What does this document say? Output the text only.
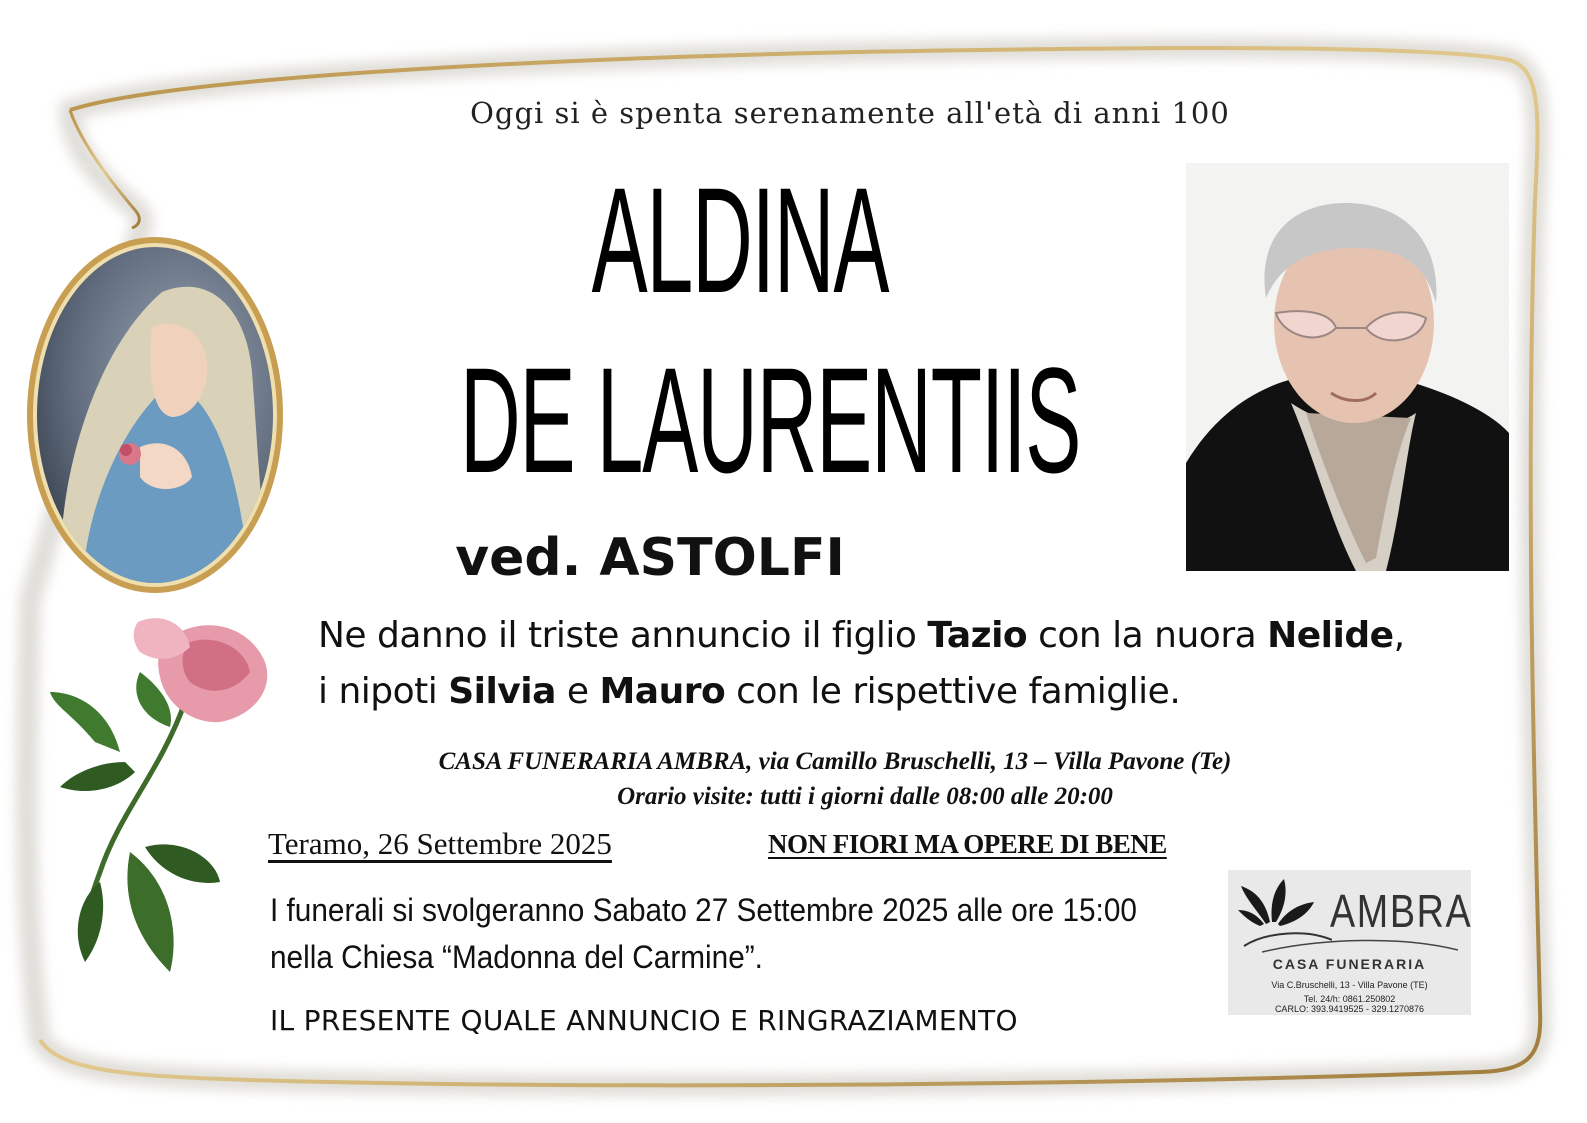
Oggi si è spenta serenamente all'età di anni 100
ALDINA
DE LAURENTIIS
ved. ASTOLFI
Ne danno il triste annuncio il figlio Tazio con la nuora Nelide,
i nipoti Silvia e Mauro con le rispettive famiglie.
CASA FUNERARIA AMBRA, via Camillo Bruschelli, 13 – Villa Pavone (Te)
Orario visite: tutti i giorni dalle 08:00 alle 20:00
Teramo, 26 Settembre 2025	NON FIORI MA OPERE DI BENE
I funerali si svolgeranno Sabato 27 Settembre 2025 alle ore 15:00
nella Chiesa “Madonna del Carmine”.
IL PRESENTE QUALE ANNUNCIO E RINGRAZIAMENTO
AMBRA
CASA FUNERARIA
Via C.Bruschelli, 13 - Villa Pavone (TE)
Tel. 24/h: 0861.250802
CARLO: 393.9419525 - 329.1270876
